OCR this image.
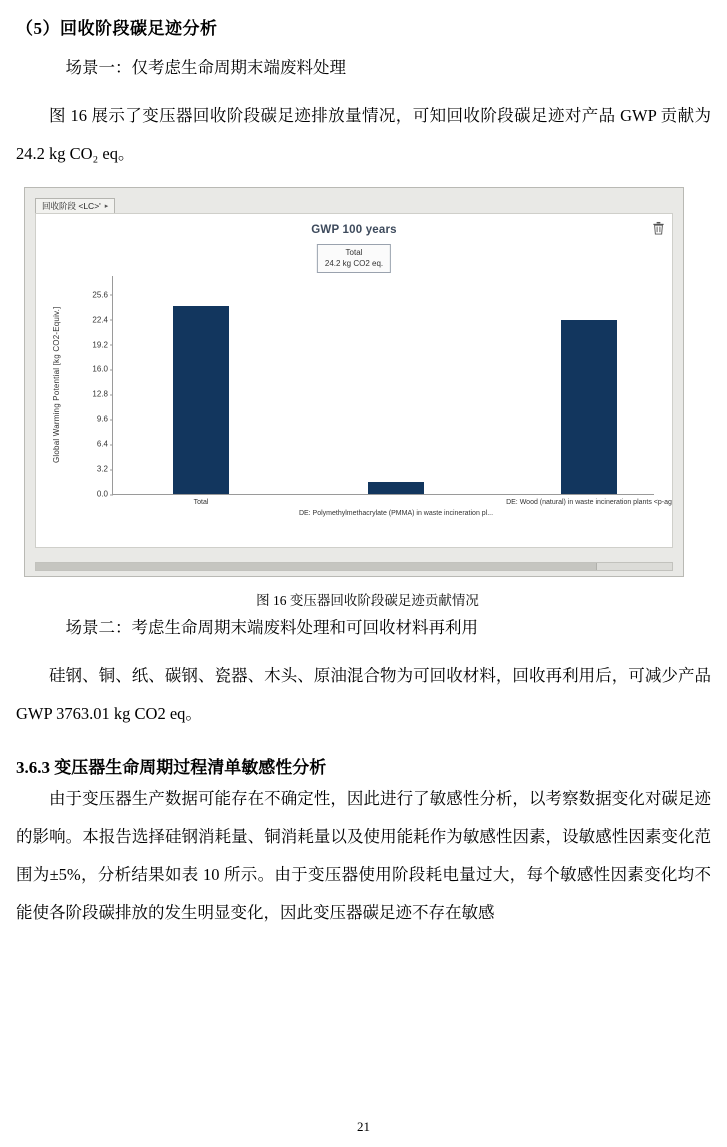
（5）回收阶段碳足迹分析

场景一：仅考虑生命周期末端废料处理

图 16 展示了变压器回收阶段碳足迹排放量情况，可知回收阶段碳足迹对产品 GWP 贡献为 24.2 kg CO₂ eq。

回收阶段 <LC>' ▸
GWP 100 years
Total
24.2 kg CO2 eq.
Global Warming Potential [kg CO2-Equiv.]
0.0
3.2
6.4
9.6
12.8
16.0
19.2
22.4
25.6
Total
DE: Polymethylmethacrylate (PMMA) in waste incineration pl...
DE: Wood (natural) in waste incineration plants <p-ag
图 16 变压器回收阶段碳足迹贡献情况

场景二：考虑生命周期末端废料处理和可回收材料再利用

硅钢、铜、纸、碳钢、瓷器、木头、原油混合物为可回收材料，回收再利用后，可减少产品 GWP 3763.01 kg CO2 eq。

3.6.3 变压器生命周期过程清单敏感性分析

由于变压器生产数据可能存在不确定性，因此进行了敏感性分析，以考察数据变化对碳足迹的影响。本报告选择硅钢消耗量、铜消耗量以及使用能耗作为敏感性因素，设敏感性因素变化范围为±5%，分析结果如表 10 所示。由于变压器使用阶段耗电量过大，每个敏感性因素变化均不能使各阶段碳排放的发生明显变化，因此变压器碳足迹不存在敏感

21
